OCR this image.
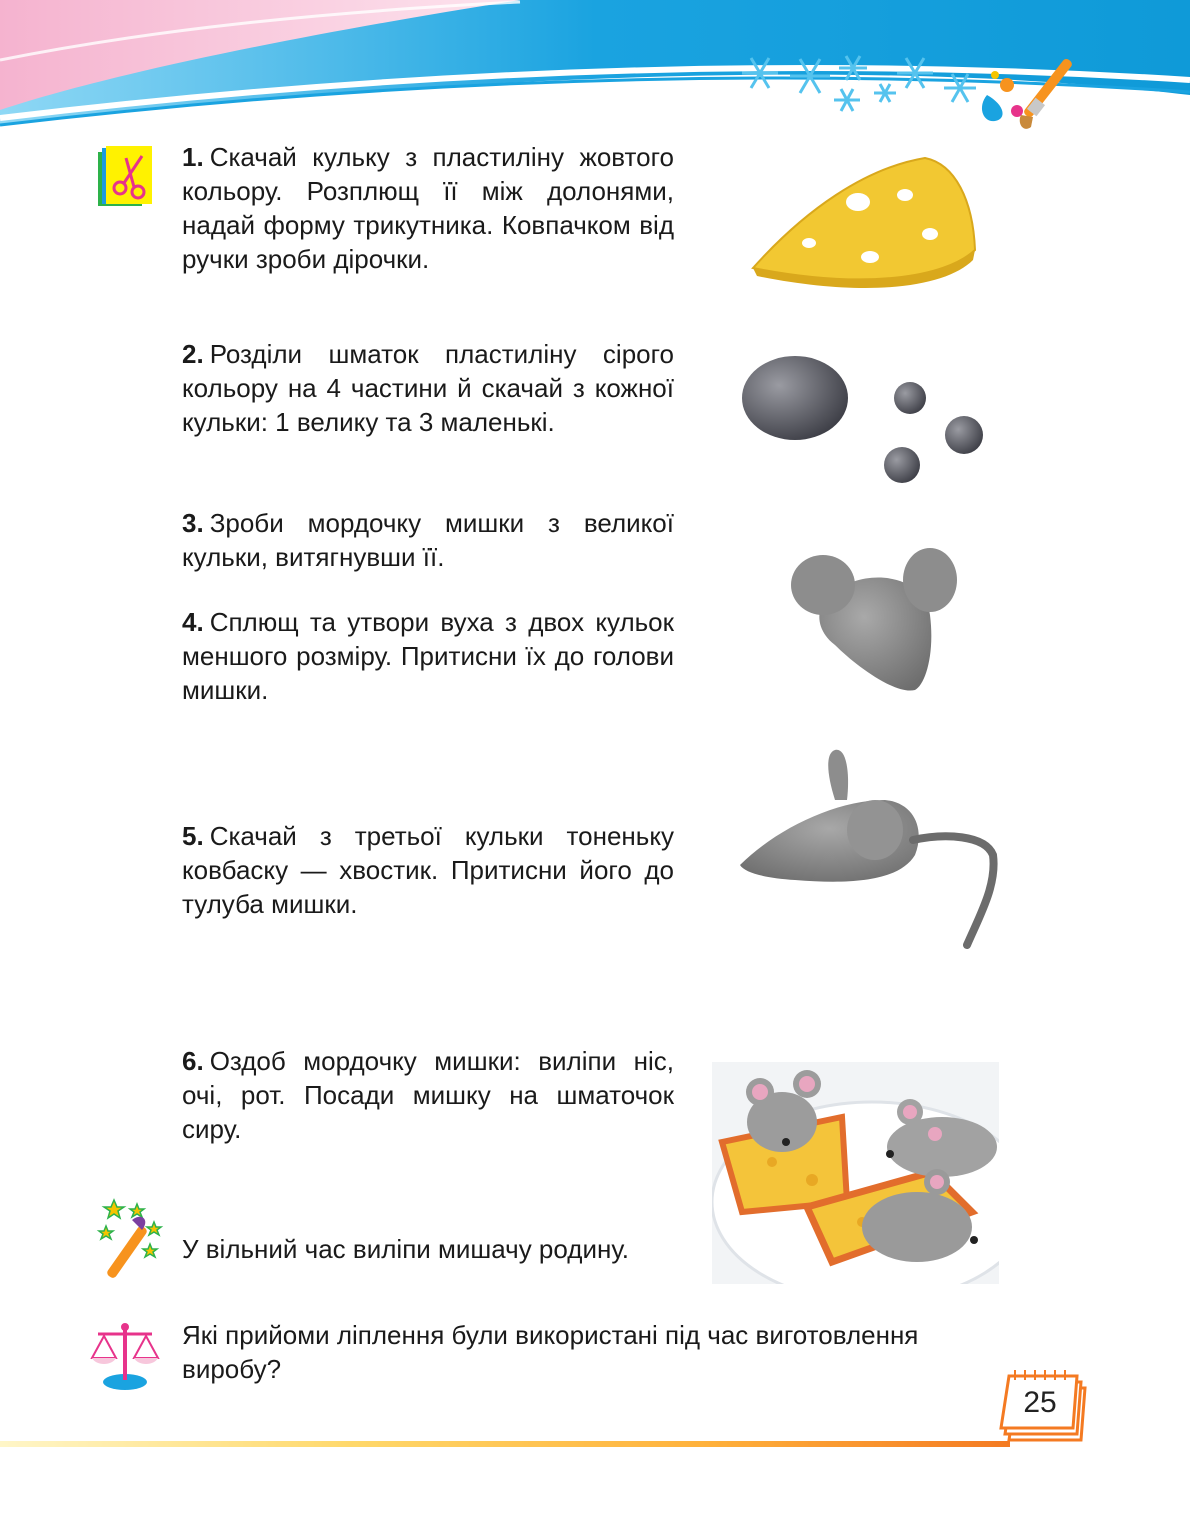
1. Скачай кульку з пластиліну жовтого кольору. Розплющ її між долонями, надай форму трикутника. Ковпачком від ручки зроби дірочки.

2. Розділи шматок пластиліну сірого кольору на 4 частини й скачай з кожної кульки: 1 велику та 3 маленькі.

3. Зроби мордочку мишки з великої кульки, витягнувши її.

4. Сплющ та утвори вуха з двох кульок меншого розміру. Притисни їх до голови мишки.

5. Скачай з третьої кульки тоненьку ковбаску — хвостик. Притисни його до тулуба мишки.

6. Оздоб мордочку мишки: виліпи ніс, очі, рот. Посади мишку на шматочок сиру.

У вільний час виліпи мишачу родину.

Які прийоми ліплення були використані під час виготовлення виробу?

25
